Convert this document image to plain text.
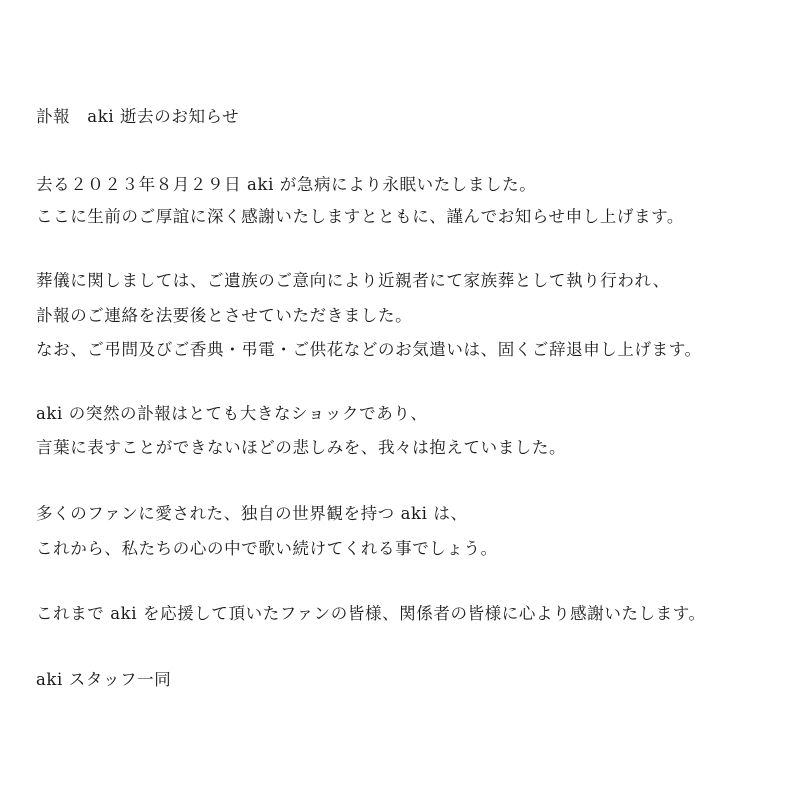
訃報　aki 逝去のお知らせ
去る２０２３年８月２９日 aki が急病により永眠いたしました。
ここに生前のご厚誼に深く感謝いたしますとともに、謹んでお知らせ申し上げます。
葬儀に関しましては、ご遺族のご意向により近親者にて家族葬として執り行われ、
訃報のご連絡を法要後とさせていただきました。
なお、ご弔問及びご香典・弔電・ご供花などのお気遣いは、固くご辞退申し上げます。
aki の突然の訃報はとても大きなショックであり、
言葉に表すことができないほどの悲しみを、我々は抱えていました。
多くのファンに愛された、独自の世界観を持つ aki は、
これから、私たちの心の中で歌い続けてくれる事でしょう。
これまで aki を応援して頂いたファンの皆様、関係者の皆様に心より感謝いたします。
aki スタッフ一同
